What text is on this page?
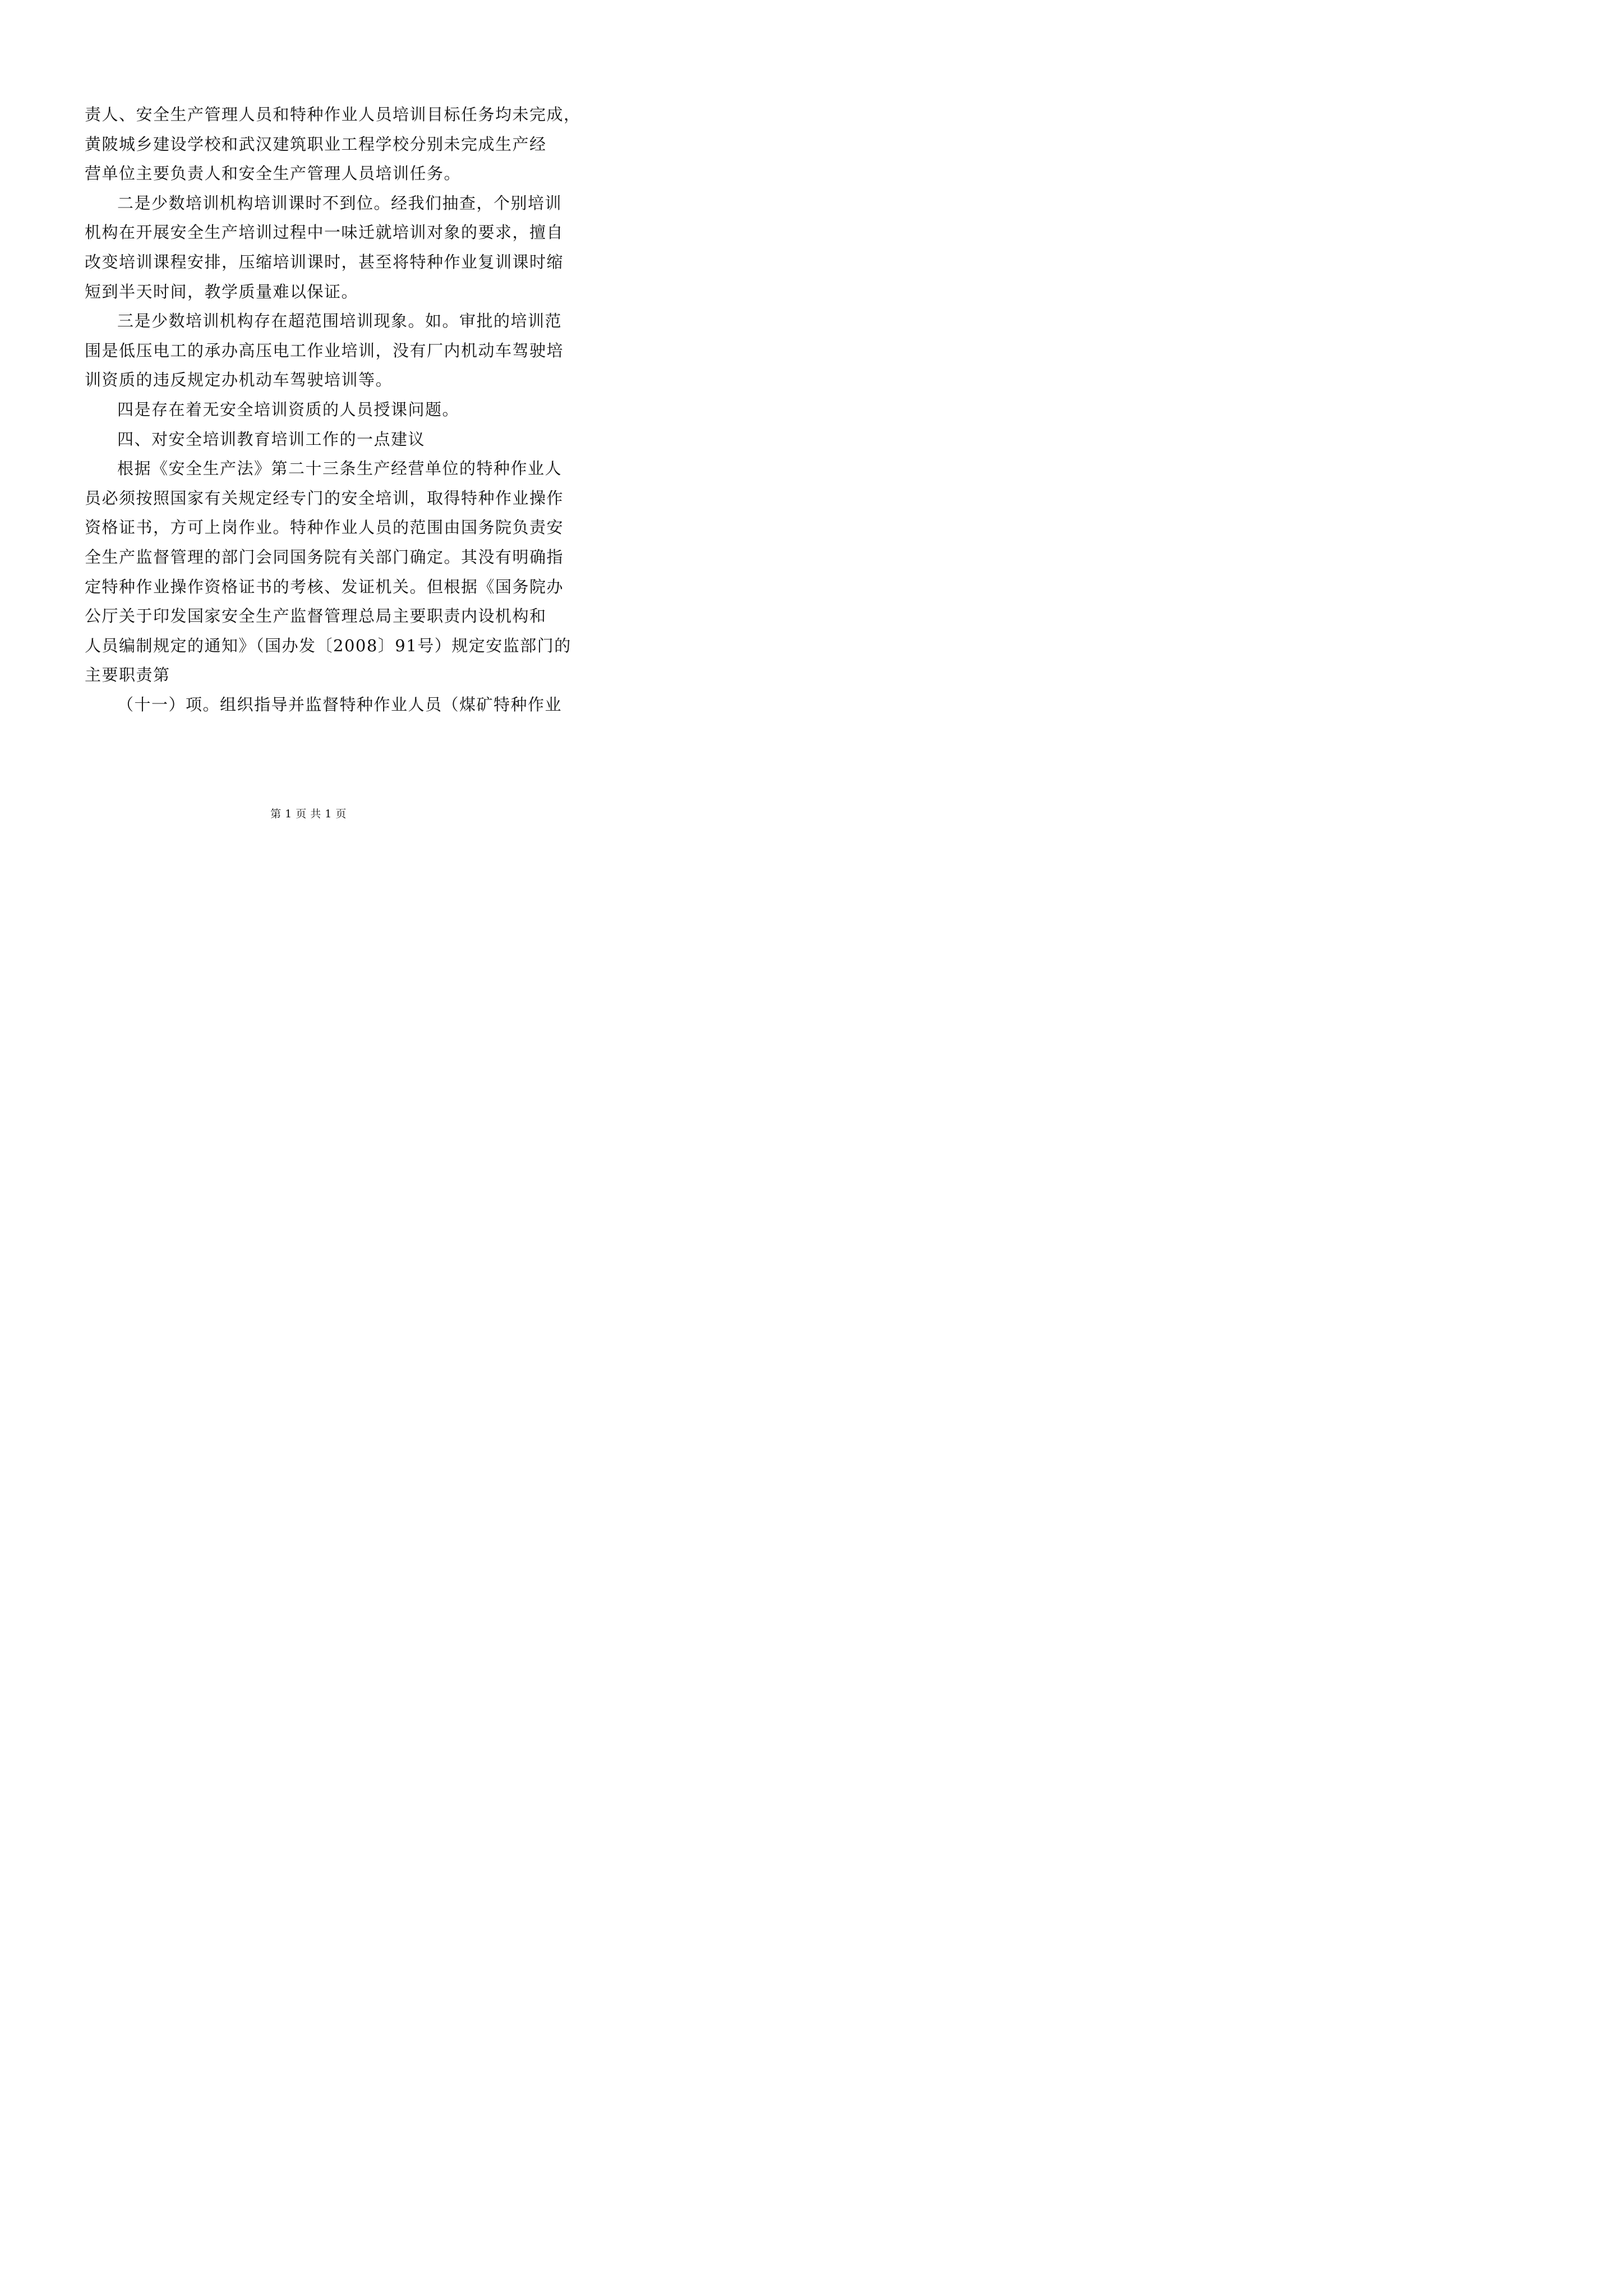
责人、安全生产管理人员和特种作业人员培训目标任务均未完成，
黄陂城乡建设学校和武汉建筑职业工程学校分别未完成生产经
营单位主要负责人和安全生产管理人员培训任务。
二是少数培训机构培训课时不到位。经我们抽查，个别培训
机构在开展安全生产培训过程中一味迁就培训对象的要求，擅自
改变培训课程安排，压缩培训课时，甚至将特种作业复训课时缩
短到半天时间，教学质量难以保证。
三是少数培训机构存在超范围培训现象。如。审批的培训范
围是低压电工的承办高压电工作业培训，没有厂内机动车驾驶培
训资质的违反规定办机动车驾驶培训等。
四是存在着无安全培训资质的人员授课问题。
四、对安全培训教育培训工作的一点建议
根据《安全生产法》第二十三条生产经营单位的特种作业人
员必须按照国家有关规定经专门的安全培训，取得特种作业操作
资格证书，方可上岗作业。特种作业人员的范围由国务院负责安
全生产监督管理的部门会同国务院有关部门确定。其没有明确指
定特种作业操作资格证书的考核、发证机关。但根据《国务院办
公厅关于印发国家安全生产监督管理总局主要职责内设机构和
人员编制规定的通知》（国办发〔2008〕91号）规定安监部门的
主要职责第
（十一）项。组织指导并监督特种作业人员（煤矿特种作业
第 1 页 共 1 页
